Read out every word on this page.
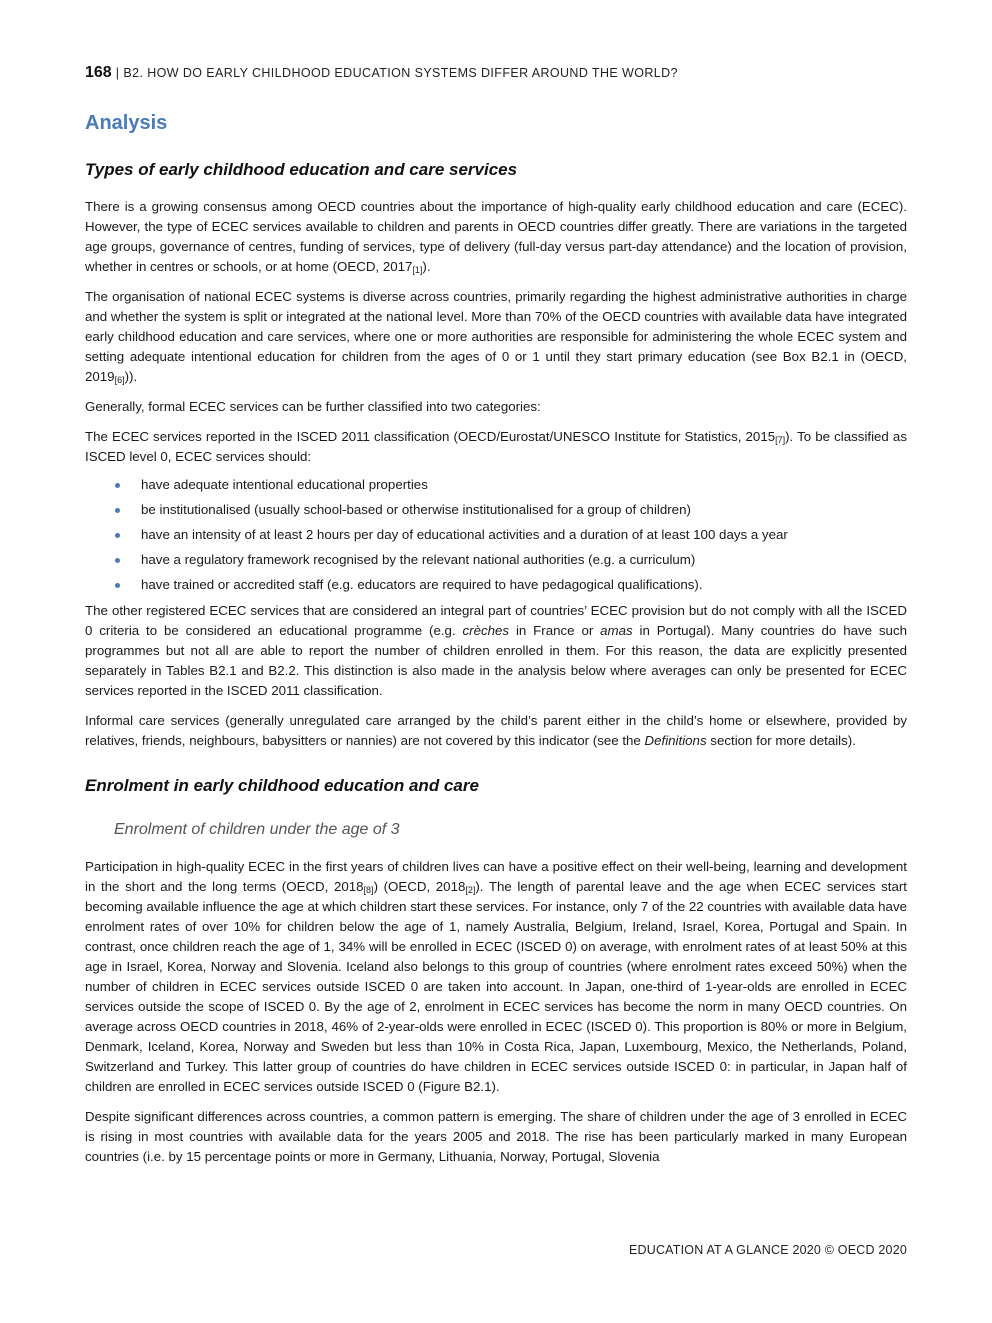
168 | B2. HOW DO EARLY CHILDHOOD EDUCATION SYSTEMS DIFFER AROUND THE WORLD?
Analysis
Types of early childhood education and care services

There is a growing consensus among OECD countries about the importance of high-quality early childhood education and care (ECEC). However, the type of ECEC services available to children and parents in OECD countries differ greatly. There are variations in the targeted age groups, governance of centres, funding of services, type of delivery (full-day versus part-day attendance) and the location of provision, whether in centres or schools, or at home (OECD, $2017_{[1]}$).

The organisation of national ECEC systems is diverse across countries, primarily regarding the highest administrative authorities in charge and whether the system is split or integrated at the national level. More than 70% of the OECD countries with available data have integrated early childhood education and care services, where one or more authorities are responsible for administering the whole ECEC system and setting adequate intentional education for children from the ages of 0 or 1 until they start primary education (see Box B2.1 in (OECD, $2019_{[6]}$)).

Generally, formal ECEC services can be further classified into two categories:

The ECEC services reported in the ISCED 2011 classification (OECD/Eurostat/UNESCO Institute for Statistics, $2015_{[7]}$). To be classified as ISCED level 0, ECEC services should:

have adequate intentional educational properties
be institutionalised (usually school-based or otherwise institutionalised for a group of children)
have an intensity of at least 2 hours per day of educational activities and a duration of at least 100 days a year
have a regulatory framework recognised by the relevant national authorities (e.g. a curriculum)
have trained or accredited staff (e.g. educators are required to have pedagogical qualifications).

The other registered ECEC services that are considered an integral part of countries’ ECEC provision but do not comply with all the ISCED 0 criteria to be considered an educational programme (e.g. crèches in France or amas in Portugal). Many countries do have such programmes but not all are able to report the number of children enrolled in them. For this reason, the data are explicitly presented separately in Tables B2.1 and B2.2. This distinction is also made in the analysis below where averages can only be presented for ECEC services reported in the ISCED 2011 classification.

Informal care services (generally unregulated care arranged by the child’s parent either in the child’s home or elsewhere, provided by relatives, friends, neighbours, babysitters or nannies) are not covered by this indicator (see the Definitions section for more details).

Enrolment in early childhood education and care
Enrolment of children under the age of 3

Participation in high-quality ECEC in the first years of children lives can have a positive effect on their well-being, learning and development in the short and the long terms (OECD, $2018_{[8]}$) (OECD, $2018_{[2]}$). The length of parental leave and the age when ECEC services start becoming available influence the age at which children start these services. For instance, only 7 of the 22 countries with available data have enrolment rates of over 10% for children below the age of 1, namely Australia, Belgium, Ireland, Israel, Korea, Portugal and Spain. In contrast, once children reach the age of 1, 34% will be enrolled in ECEC (ISCED 0) on average, with enrolment rates of at least 50% at this age in Israel, Korea, Norway and Slovenia. Iceland also belongs to this group of countries (where enrolment rates exceed 50%) when the number of children in ECEC services outside ISCED 0 are taken into account. In Japan, one-third of 1-year-olds are enrolled in ECEC services outside the scope of ISCED 0. By the age of 2, enrolment in ECEC services has become the norm in many OECD countries. On average across OECD countries in 2018, 46% of 2-year-olds were enrolled in ECEC (ISCED 0). This proportion is 80% or more in Belgium, Denmark, Iceland, Korea, Norway and Sweden but less than 10% in Costa Rica, Japan, Luxembourg, Mexico, the Netherlands, Poland, Switzerland and Turkey. This latter group of countries do have children in ECEC services outside ISCED 0: in particular, in Japan half of children are enrolled in ECEC services outside ISCED 0 (Figure B2.1).

Despite significant differences across countries, a common pattern is emerging. The share of children under the age of 3 enrolled in ECEC is rising in most countries with available data for the years 2005 and 2018. The rise has been particularly marked in many European countries (i.e. by 15 percentage points or more in Germany, Lithuania, Norway, Portugal, Slovenia

EDUCATION AT A GLANCE 2020 © OECD 2020
